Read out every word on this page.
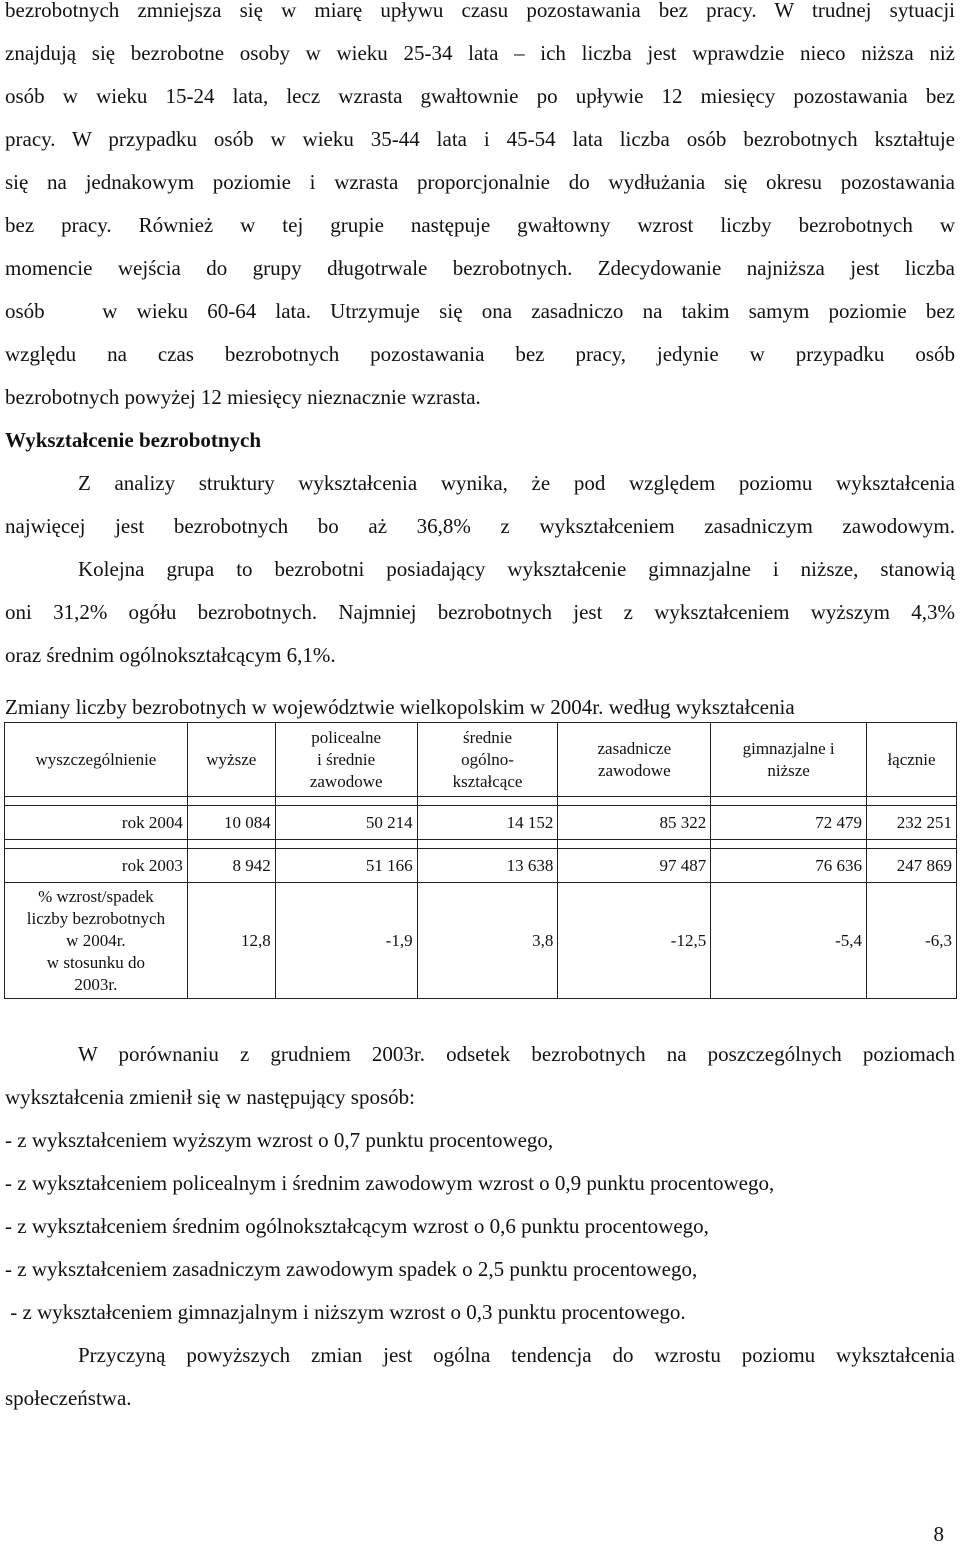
bezrobotnych zmniejsza się w miarę upływu czasu pozostawania bez pracy. W trudnej sytuacji
znajdują się bezrobotne osoby w wieku 25-34 lata – ich liczba jest wprawdzie nieco niższa niż
osób w wieku 15-24 lata, lecz wzrasta gwałtownie po upływie 12 miesięcy pozostawania bez
pracy. W przypadku osób w wieku 35-44 lata i 45-54 lata liczba osób bezrobotnych kształtuje
się na jednakowym poziomie i wzrasta proporcjonalnie do wydłużania się okresu pozostawania
bez pracy. Również w tej grupie następuje gwałtowny wzrost liczby bezrobotnych w
momencie wejścia do grupy długotrwale bezrobotnych. Zdecydowanie najniższa jest liczba
osób   w wieku 60-64 lata. Utrzymuje się ona zasadniczo na takim samym poziomie bez
względu na czas bezrobotnych pozostawania bez pracy, jedynie w przypadku osób
bezrobotnych powyżej 12 miesięcy nieznacznie wzrasta.
Wykształcenie bezrobotnych
Z analizy struktury wykształcenia wynika, że pod względem poziomu wykształcenia
najwięcej jest bezrobotnych bo aż 36,8% z wykształceniem zasadniczym zawodowym.
Kolejna grupa to bezrobotni posiadający wykształcenie gimnazjalne i niższe, stanowią
oni 31,2% ogółu bezrobotnych. Najmniej bezrobotnych jest z wykształceniem wyższym 4,3%
oraz średnim ogólnokształcącym 6,1%.
Zmiany liczby bezrobotnych w województwie wielkopolskim w 2004r. według wykształcenia
wyszczególnienie	wyższe	policealne
i średnie
zawodowe	średnie
ogólno-
kształcące	zasadnicze
zawodowe	gimnazjalne i
niższe	łącznie

rok 2004	10 084	50 214	14 152	85 322	72 479	232 251

rok 2003	8 942	51 166	13 638	97 487	76 636	247 869
% wzrost/spadek
liczby bezrobotnych
w 2004r.
w stosunku do
2003r.	12,8	-1,9	3,8	-12,5	-5,4	-6,3
W porównaniu z grudniem 2003r. odsetek bezrobotnych na poszczególnych poziomach
wykształcenia zmienił się w następujący sposób:
- z wykształceniem wyższym wzrost o 0,7 punktu procentowego,
- z wykształceniem policealnym i średnim zawodowym wzrost o 0,9 punktu procentowego,
- z wykształceniem średnim ogólnokształcącym wzrost o 0,6 punktu procentowego,
- z wykształceniem zasadniczym zawodowym spadek o 2,5 punktu procentowego,
- z wykształceniem gimnazjalnym i niższym wzrost o 0,3 punktu procentowego.
Przyczyną powyższych zmian jest ogólna tendencja do wzrostu poziomu wykształcenia
społeczeństwa.
8
